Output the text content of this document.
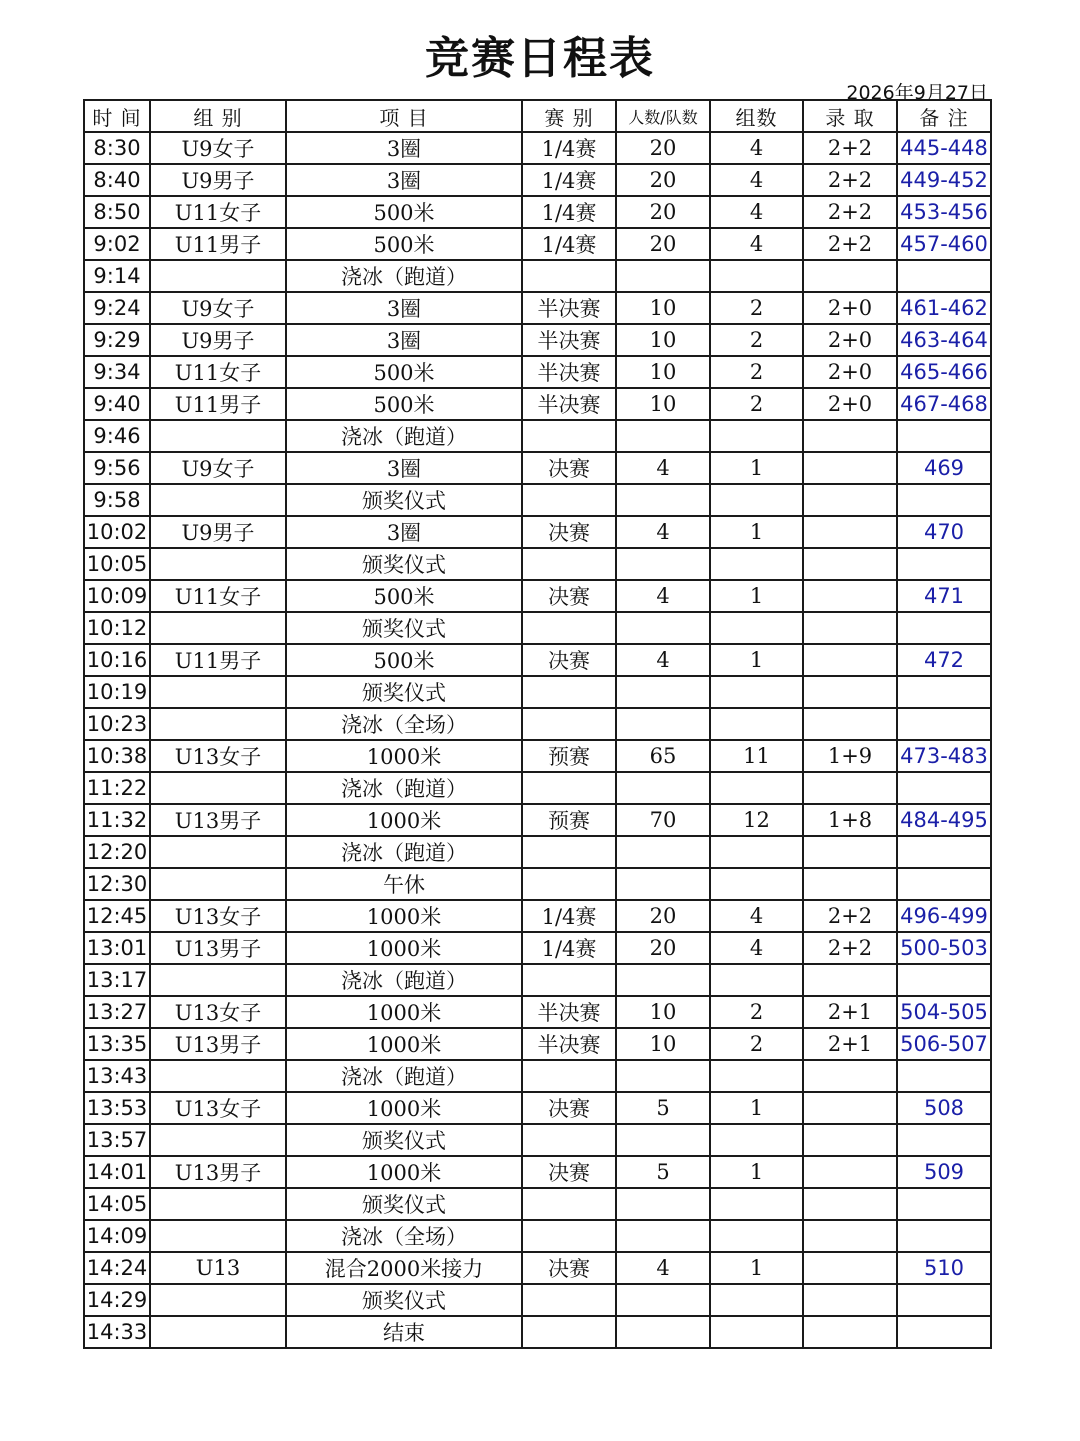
竞赛日程表
2026年9月27日
时 间	组 别	项 目	赛 别	人数/队数	组数	录 取	备 注
8:30	U9女子	3圈	1/4赛	20	4	2+2	445-448
8:40	U9男子	3圈	1/4赛	20	4	2+2	449-452
8:50	U11女子	500米	1/4赛	20	4	2+2	453-456
9:02	U11男子	500米	1/4赛	20	4	2+2	457-460
9:14		浇冰（跑道）					
9:24	U9女子	3圈	半决赛	10	2	2+0	461-462
9:29	U9男子	3圈	半决赛	10	2	2+0	463-464
9:34	U11女子	500米	半决赛	10	2	2+0	465-466
9:40	U11男子	500米	半决赛	10	2	2+0	467-468
9:46		浇冰（跑道）					
9:56	U9女子	3圈	决赛	4	1		469
9:58		颁奖仪式					
10:02	U9男子	3圈	决赛	4	1		470
10:05		颁奖仪式					
10:09	U11女子	500米	决赛	4	1		471
10:12		颁奖仪式					
10:16	U11男子	500米	决赛	4	1		472
10:19		颁奖仪式					
10:23		浇冰（全场）					
10:38	U13女子	1000米	预赛	65	11	1+9	473-483
11:22		浇冰（跑道）					
11:32	U13男子	1000米	预赛	70	12	1+8	484-495
12:20		浇冰（跑道）					
12:30		午休					
12:45	U13女子	1000米	1/4赛	20	4	2+2	496-499
13:01	U13男子	1000米	1/4赛	20	4	2+2	500-503
13:17		浇冰（跑道）					
13:27	U13女子	1000米	半决赛	10	2	2+1	504-505
13:35	U13男子	1000米	半决赛	10	2	2+1	506-507
13:43		浇冰（跑道）					
13:53	U13女子	1000米	决赛	5	1		508
13:57		颁奖仪式					
14:01	U13男子	1000米	决赛	5	1		509
14:05		颁奖仪式					
14:09		浇冰（全场）					
14:24	U13	混合2000米接力	决赛	4	1		510
14:29		颁奖仪式					
14:33		结束					
